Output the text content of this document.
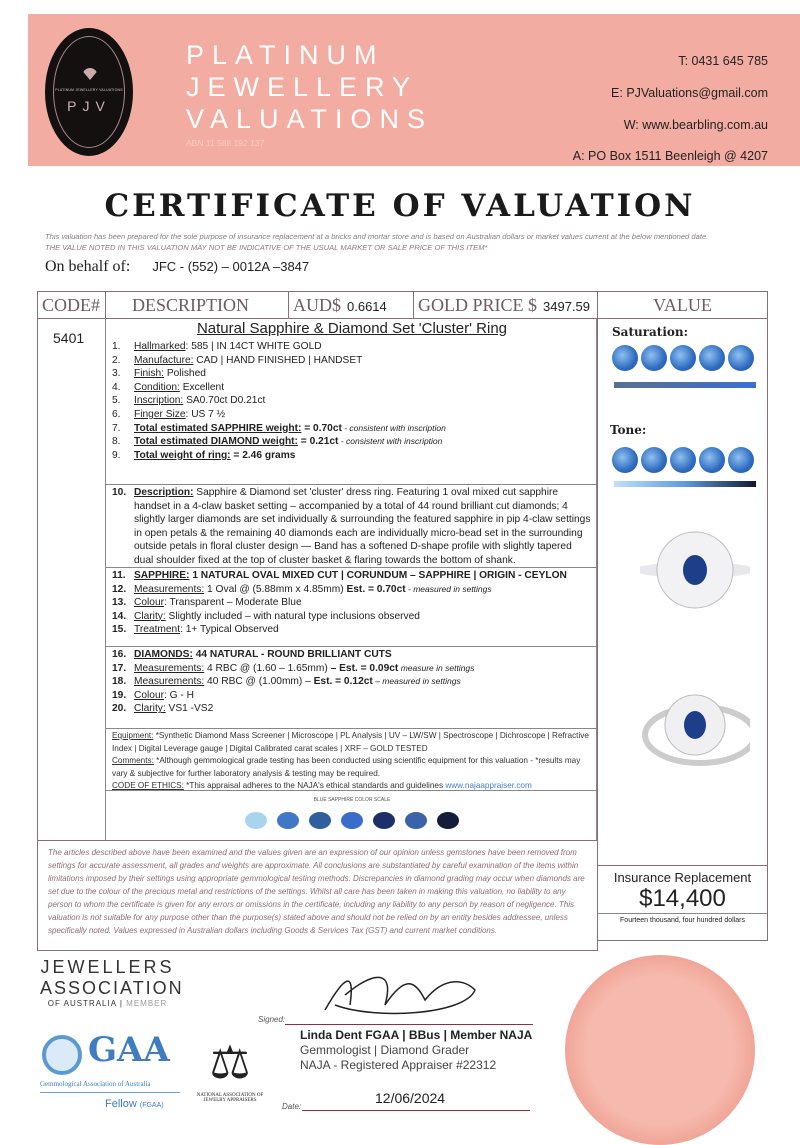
PLATINUM JEWELLERY VALUATIONS
PJV
PLATINUM
JEWELLERY
VALUATIONS
ABN 11 588 192 137
T: 0431 645 785
E: PJValuations@gmail.com
W: www.bearbling.com.au
A: PO Box 1511 Beenleigh @ 4207
CERTIFICATE OF VALUATION
This valuation has been prepared for the sole purpose of insurance replacement at a bricks and mortar store and is based on Australian dollars or market values current at the below mentioned date.
THE VALUE NOTED IN THIS VALUATION MAY NOT BE INDICATIVE OF THE USUAL MARKET OR SALE PRICE OF THIS ITEM*
On behalf of: JFC - (552) – 0012A –3847
CODE#	DESCRIPTION	AUD$ 0.6614	GOLD PRICE $ 3497.59	VALUE
5401
Natural Sapphire & Diamond Set 'Cluster' Ring
1.	Hallmarked: 585 | IN 14CT WHITE GOLD
2.	Manufacture: CAD | HAND FINISHED | HANDSET
3.	Finish: Polished
4.	Condition: Excellent
5.	Inscription: SA0.70ct D0.21ct
6.	Finger Size: US 7 ½
7.	Total estimated SAPPHIRE weight: = 0.70ct - consistent with inscription
8.	Total estimated DIAMOND weight: = 0.21ct - consistent with inscription
9.	Total weight of ring: = 2.46 grams
10. Description: Sapphire & Diamond set 'cluster' dress ring. Featuring 1 oval mixed cut sapphire handset in a 4-claw basket setting – accompanied by a total of 44 round brilliant cut diamonds; 4 slightly larger diamonds are set individually & surrounding the featured sapphire in pip 4-claw settings in open petals & the remaining 40 diamonds each are individually micro-bead set in the surrounding outside petals in floral cluster design — Band has a softened D-shape profile with slightly tapered dual shoulder fixed at the top of cluster basket & flaring towards the bottom of shank.
11. SAPPHIRE: 1 NATURAL OVAL MIXED CUT | CORUNDUM – SAPPHIRE | ORIGIN - CEYLON
12. Measurements: 1 Oval @ (5.88mm x 4.85mm) Est. = 0.70ct - measured in settings
13. Colour: Transparent – Moderate Blue
14. Clarity: Slightly included – with natural type inclusions observed
15. Treatment: 1+ Typical Observed
16. DIAMONDS: 44 NATURAL - ROUND BRILLIANT CUTS
17. Measurements: 4 RBC @ (1.60 – 1.65mm) – Est. = 0.09ct measure in settings
18. Measurements: 40 RBC @ (1.00mm) – Est. = 0.12ct – measured in settings
19. Colour: G - H
20. Clarity: VS1 -VS2
Equipment: *Synthetic Diamond Mass Screener | Microscope | PL Analysis | UV – LW/SW | Spectroscope | Dichroscope | Refractive Index | Digital Leverage gauge | Digital Calibrated carat scales | XRF – GOLD TESTED
Comments: *Although gemmological grade testing has been conducted using scientific equipment for this valuation - *results may vary & subjective for further laboratory analysis & testing may be required.
CODE OF ETHICS: *This appraisal adheres to the NAJA's ethical standards and guidelines www.najaappraiser.com
BLUE SAPPHIRE COLOR SCALE
Saturation:
Tone:
The articles described above have been examined and the values given are an expression of our opinion unless gemstones have been removed from settings for accurate assessment, all grades and weights are approximate. All conclusions are substantiated by careful examination of the items within limitations imposed by their settings using appropriate gemmological testing methods. Discrepancies in diamond grading may occur when diamonds are set due to the colour of the precious metal and restrictions of the settings. Whilst all care has been taken in making this valuation, no liability to any person to whom the certificate is given for any errors or omissions in the certificate, including any liability to any person by reason of negligence. This valuation is not suitable for any purpose other than the purpose(s) stated above and should not be relied on by an entity besides addressee, unless specifically noted. Values expressed in Australian dollars including Goods & Services Tax (GST) and current market conditions.
Insurance Replacement
$14,400
Fourteen thousand, four hundred dollars
JEWELLERS
ASSOCIATION
OF AUSTRALIA | MEMBER
GAA
Gemmological Association of Australia
Fellow (FGAA)
⚖
NATIONAL ASSOCIATION OF JEWELRY APPRAISERS
Signed:
Linda Dent FGAA | BBus | Member NAJA
Gemmologist | Diamond Grader
NAJA - Registered Appraiser #22312
Date:
12/06/2024
